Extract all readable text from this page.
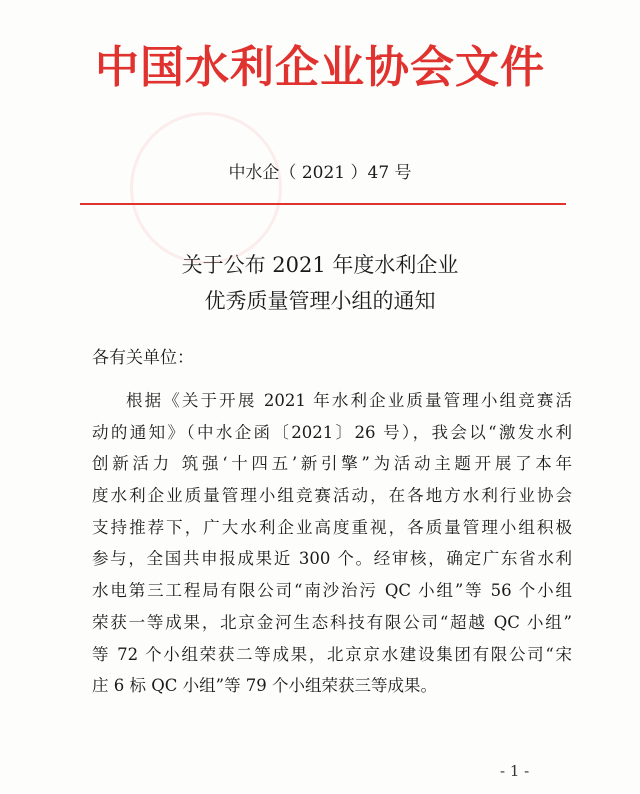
中国水利企业协会文件
中水企（ 2021 ）47 号
关于公布 2021 年度水利企业
优秀质量管理小组的通知
各有关单位：
根据《关于开展 2021 年水利企业质量管理小组竞赛活
动的通知》（中水企函〔2021〕26 号），我会以“激发水利
创新活力 筑强‘十四五’新引擎”为活动主题开展了本年
度水利企业质量管理小组竞赛活动，在各地方水利行业协会
支持推荐下，广大水利企业高度重视，各质量管理小组积极
参与，全国共申报成果近 300 个。经审核，确定广东省水利
水电第三工程局有限公司“南沙治污 QC 小组”等 56 个小组
荣获一等成果，北京金河生态科技有限公司“超越 QC 小组”
等 72 个小组荣获二等成果，北京京水建设集团有限公司“宋
庄 6 标 QC 小组”等 79 个小组荣获三等成果。
- 1 -
